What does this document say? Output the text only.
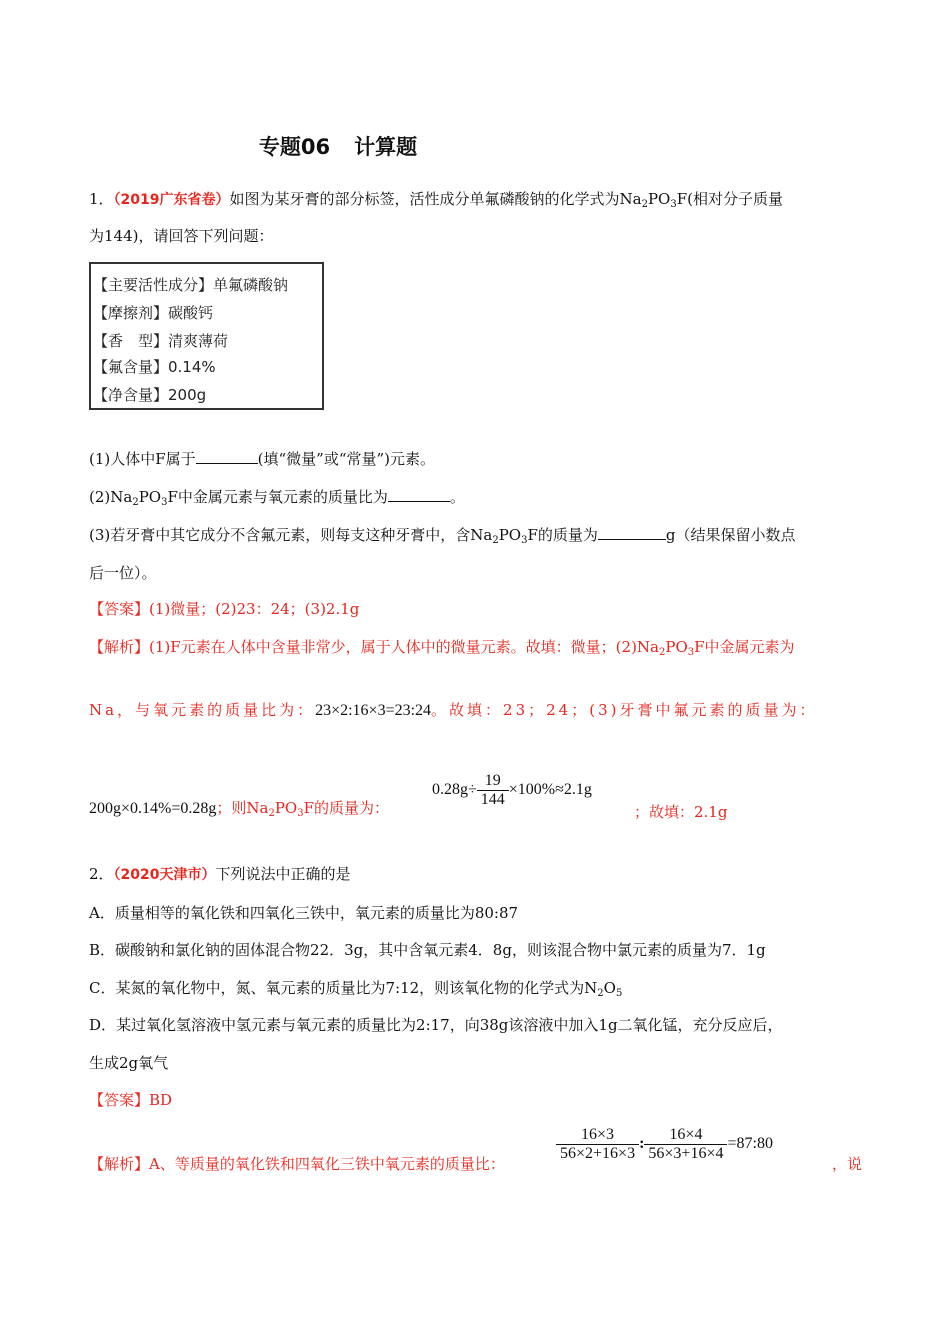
专题06 计算题
1．（2019广东省卷）如图为某牙膏的部分标签，活性成分单氟磷酸钠的化学式为$Na_2PO_3F$(相对分子质量
为144)，请回答下列问题：
【主要活性成分】单氟磷酸钠
【摩擦剂】碳酸钙
【香　型】清爽薄荷
【氟含量】0.14%
【净含量】200g
(1)人体中F属于	(填“微量”或“常量”)元素。
$(2)Na_2PO_3F$中金属元素与氧元素的质量比为	。
(3)若牙膏中其它成分不含氟元素，则每支这种牙膏中，含$Na_2PO_3F$的质量为	g（结果保留小数点
后一位）。
【答案】(1)微量；(2)23：24；(3)2.1g
【解析】(1)F元素在人体中含量非常少，属于人体中的微量元素。故填：微量；$(2)Na_2PO_3F$中金属元素为
Na，与氧元素的质量比为：23×2:16×3=23:24。故填：23；24；(3)牙膏中氟元素的质量为：
200g×0.14%=0.28g；则$Na_2PO_3F$的质量为：
$0.28g\div \frac{19}{144} \times 100\%\approx 2.1g$
；故填：2.1g
2．（2020天津市）下列说法中正确的是
A．质量相等的氧化铁和四氧化三铁中，氧元素的质量比为80:87
B．碳酸钠和氯化钠的固体混合物22．3g，其中含氧元素4．8g，则该混合物中氯元素的质量为7．1g
C．某氮的氧化物中，氮、氧元素的质量比为7:12，则该氧化物的化学式为$N_2O_5$
D．某过氧化氢溶液中氢元素与氧元素的质量比为2:17，向38g该溶液中加入1g二氧化锰，充分反应后，
生成2g氧气
【答案】BD
【解析】A、等质量的氧化铁和四氧化三铁中氧元素的质量比：
$\frac{16\times 3}{56\times 2+16\times 3}$ : $\frac{16\times 4}{56\times 3+16\times 4}$ =87:80
，说
